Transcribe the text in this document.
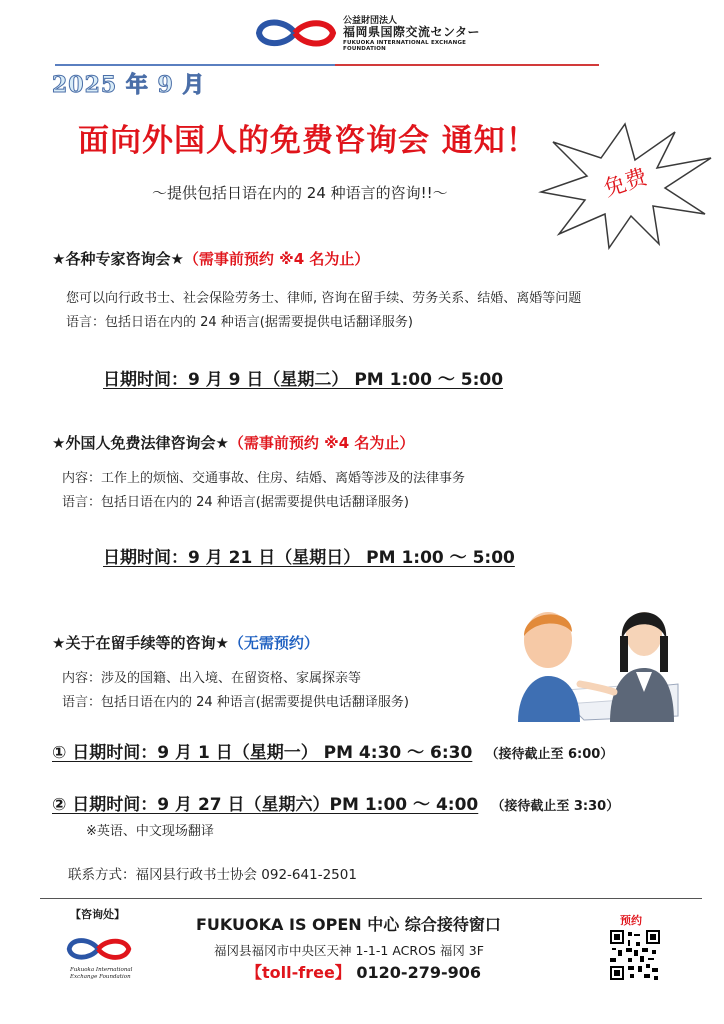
公益財団法人
福岡県国際交流センター
FUKUOKA INTERNATIONAL EXCHANGE FOUNDATION
2025 年 9 月
面向外国人的免费咨询会 通知！
～提供包括日语在内的 24 种语言的咨询!!～	免费
★各种专家咨询会★（需事前预约 ※4 名为止）
您可以向行政书士、社会保险劳务士、律师, 咨询在留手续、劳务关系、结婚、离婚等问题
语言：包括日语在内的 24 种语言(据需要提供电话翻译服务)
日期时间：9 月 9 日（星期二） PM 1:00 ～ 5:00
★外国人免费法律咨询会★（需事前预约 ※4 名为止）
内容：工作上的烦恼、交通事故、住房、结婚、离婚等涉及的法律事务
语言：包括日语在内的 24 种语言(据需要提供电话翻译服务)
日期时间：9 月 21 日（星期日） PM 1:00 ～ 5:00
★关于在留手续等的咨询★（无需预约）
内容：涉及的国籍、出入境、在留资格、家属探亲等
语言：包括日语在内的 24 种语言(据需要提供电话翻译服务)
① 日期时间：9 月 1 日（星期一） PM 4:30 ～ 6:30 （接待截止至 6:00）
② 日期时间：9 月 27 日（星期六）PM 1:00 ～ 4:00 （接待截止至 3:30）
※英语、中文现场翻译
联系方式：福冈县行政书士协会 092-641-2501
【咨询处】
Fukuoka International
Exchange Foundation
FUKUOKA IS OPEN 中心 综合接待窗口
福冈县福冈市中央区天神 1-1-1 ACROS 福冈 3F
【toll-free】 0120-279-906
预约
